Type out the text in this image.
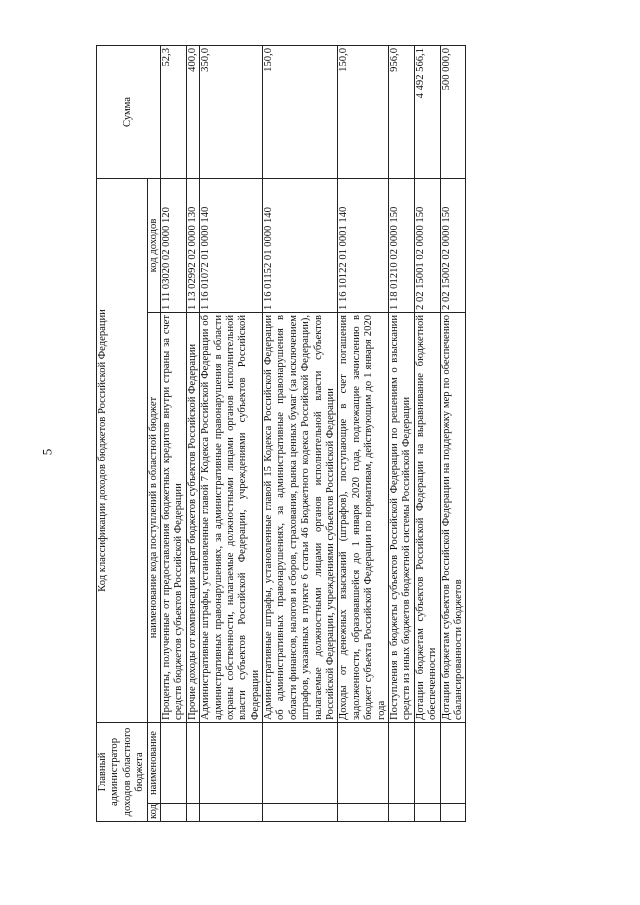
5
Главный администратор доходов областного бюджета		Код классификации доходов бюджетов Российской Федерации		Сумма
код	наименование	наименование кода поступлений в областной бюджет	код доходов	
		Проценты, полученные от предоставления бюджетных кредитов внутри страны за счет средств бюджетов субъектов Российской Федерации	1 11 03020 02 0000 120	52,3
		Прочие доходы от компенсации затрат бюджетов субъектов Российской Федерации	1 13 02992 02 0000 130	400,0
		Административные штрафы, установленные главой 7 Кодекса Российской Федерации об административных правонарушениях, за административные правонарушения в области охраны собственности, налагаемые должностными лицами органов исполнительной власти субъектов Российской Федерации, учреждениями субъектов Российской Федерации	1 16 01072 01 0000 140	350,0
		Административные штрафы, установленные главой 15 Кодекса Российской Федерации об административных правонарушениях, за административные правонарушения в области финансов, налогов и сборов, страхования, рынка ценных бумаг (за исключением штрафов, указанных в пункте 6 статьи 46 Бюджетного кодекса Российской Федерации), налагаемые должностными лицами органов исполнительной власти субъектов Российской Федерации, учреждениями субъектов Российской Федерации	1 16 01152 01 0000 140	150,0
		Доходы от денежных взысканий (штрафов), поступающие в счет погашения задолженности, образовавшейся до 1 января 2020 года, подлежащие зачислению в бюджет субъекта Российской Федерации по нормативам, действующим до 1 января 2020 года	1 16 10122 01 0001 140	150,0
		Поступления в бюджеты субъектов Российской Федерации по решениям о взыскании средств из иных бюджетов бюджетной системы Российской Федерации	1 18 01210 02 0000 150	956,0
		Дотации бюджетам субъектов Российской Федерации на выравнивание бюджетной обеспеченности	2 02 15001 02 0000 150	4 492 566,1
		Дотации бюджетам субъектов Российской Федерации на поддержку мер по обеспечению сбалансированности бюджетов	2 02 15002 02 0000 150	500 000,0
